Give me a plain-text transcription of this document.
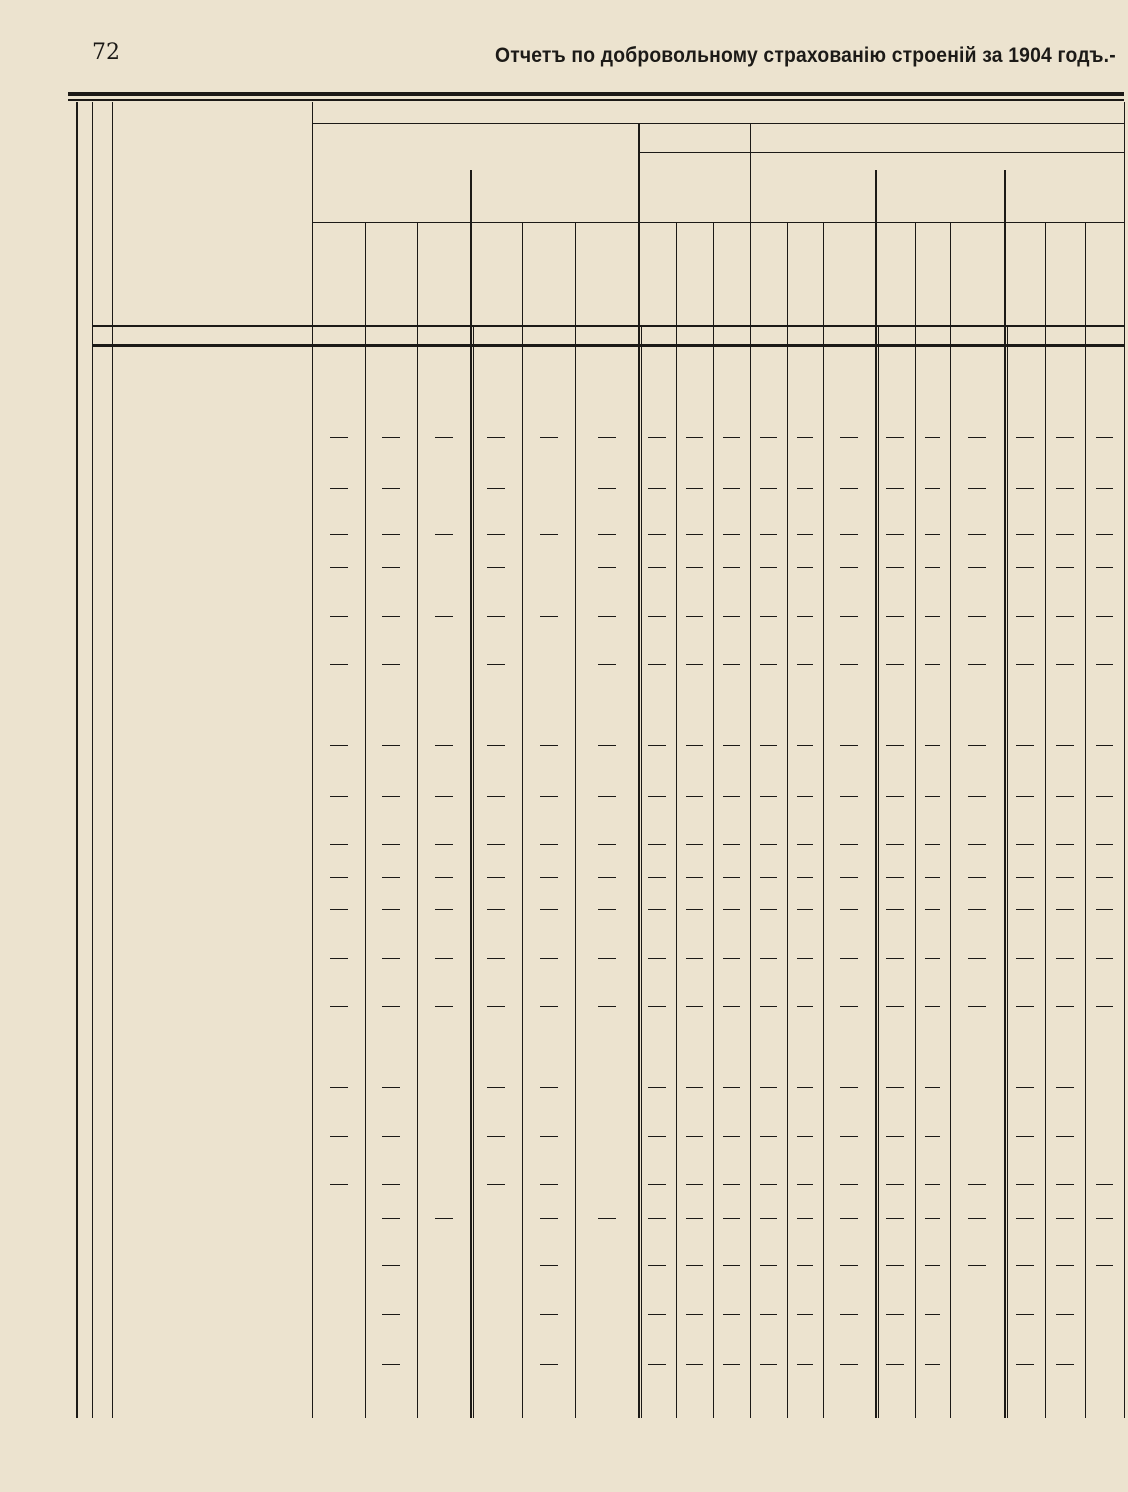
72	Отчетъ по добровольному страхованію строеній за 1904 годъ.-
